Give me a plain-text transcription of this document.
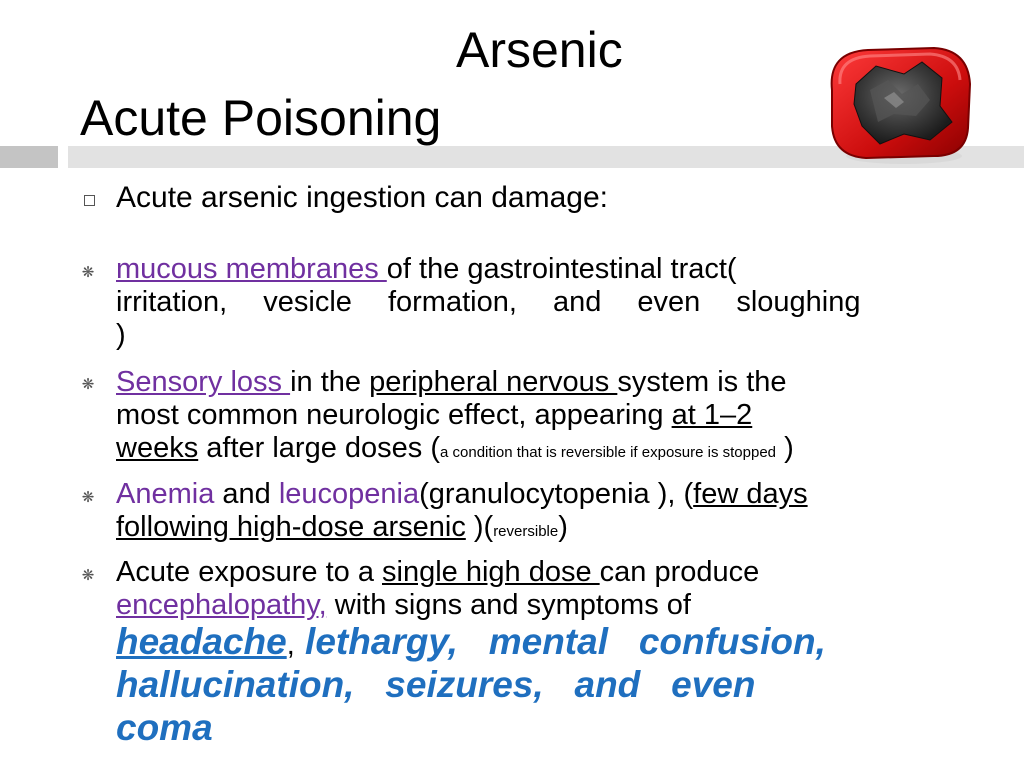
Arsenic
Acute Poisoning
Acute arsenic ingestion can damage:
❋ mucous membranes of the gastrointestinal tract(
irritation, vesicle formation, and even sloughing
)
❋ Sensory loss in the peripheral nervous system is the
most common neurologic effect, appearing at 1–2
weeks after large doses (a condition that is reversible if exposure is stopped )
❋ Anemia and leucopenia(granulocytopenia ), (few days
following high-dose arsenic )(reversible)
❋ Acute exposure to a single high dose can produce
encephalopathy, with signs and symptoms of
headache, lethargy,   mental   confusion,
hallucination,   seizures,   and   even
coma
